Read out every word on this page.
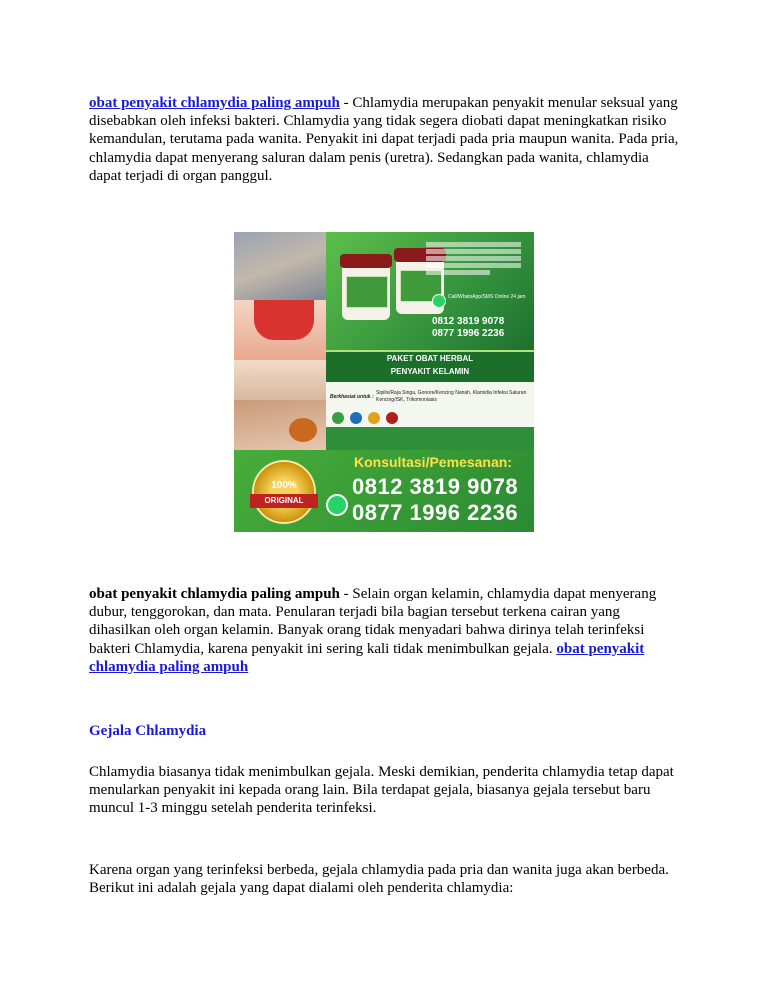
obat penyakit chlamydia paling ampuh - Chlamydia merupakan penyakit menular seksual yang disebabkan oleh infeksi bakteri. Chlamydia yang tidak segera diobati dapat meningkatkan risiko kemandulan, terutama pada wanita. Penyakit ini dapat terjadi pada pria maupun wanita. Pada pria, chlamydia dapat menyerang saluran dalam penis (uretra). Sedangkan pada wanita, chlamydia dapat terjadi di organ panggul.

Call/WhatsApp/SMS Online 24 jam
0812 3819 9078
0877 1996 2236
PAKET OBAT HERBAL
PENYAKIT KELAMIN
Berkhasiat untuk :
Sipilis/Raja Singa, Gonore/Kencing Nanah, Klamidia Infeksi Saluran Kencing/ISK, Trikomoniasis
100%
ORIGINAL
Konsultasi/Pemesanan:
0812 3819 9078
0877 1996 2236

obat penyakit chlamydia paling ampuh - Selain organ kelamin, chlamydia dapat menyerang dubur, tenggorokan, dan mata. Penularan terjadi bila bagian tersebut terkena cairan yang dihasilkan oleh organ kelamin. Banyak orang tidak menyadari bahwa dirinya telah terinfeksi bakteri Chlamydia, karena penyakit ini sering kali tidak menimbulkan gejala. obat penyakit chlamydia paling ampuh

Gejala Chlamydia

Chlamydia biasanya tidak menimbulkan gejala. Meski demikian, penderita chlamydia tetap dapat menularkan penyakit ini kepada orang lain. Bila terdapat gejala, biasanya gejala tersebut baru muncul 1-3 minggu setelah penderita terinfeksi.

Karena organ yang terinfeksi berbeda, gejala chlamydia pada pria dan wanita juga akan berbeda. Berikut ini adalah gejala yang dapat dialami oleh penderita chlamydia:
